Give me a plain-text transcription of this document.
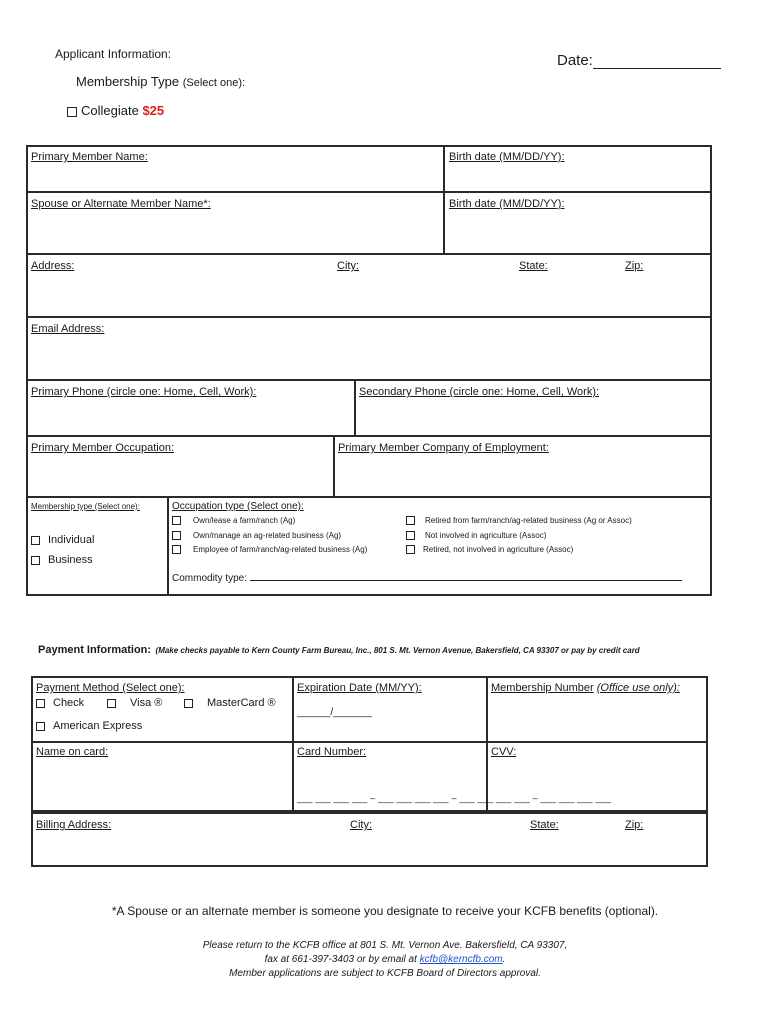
Applicant Information:	Date:
Membership Type (Select one):
Collegiate $25
Primary Member Name:	Birth date (MM/DD/YY):
Spouse or Alternate Member Name*:	Birth date (MM/DD/YY):
Address:	City:	State:	Zip:
Email Address:
Primary Phone (circle one: Home, Cell, Work):	Secondary Phone (circle one: Home, Cell, Work):
Primary Member Occupation:	Primary Member Company of Employment:
Membership type (Select one):
Individual
Business
Occupation type (Select one):
Own/lease a farm/ranch (Ag)
Own/manage an ag-related business (Ag)
Employee of farm/ranch/ag-related business (Ag)
Retired from farm/ranch/ag-related business (Ag or Assoc)
Not involved in agriculture (Assoc)
Retired, not involved in agriculture (Assoc)
Commodity type:
Payment Information: (Make checks payable to Kern County Farm Bureau, Inc., 801 S. Mt. Vernon Avenue, Bakersfield, CA 93307 or pay by credit card
Payment Method (Select one):
Check	Visa ®	MasterCard ®
American Express
Expiration Date (MM/YY):
______/_______
Membership Number (Office use only):
Name on card:	Card Number:	CVV:
___ ___ ___ ___ – ___ ___ ___ ___ – ___ ___ ___ ___ – ___ ___ ___ ___
Billing Address:	City:	State:	Zip:
*A Spouse or an alternate member is someone you designate to receive your KCFB benefits (optional).
Please return to the KCFB office at 801 S. Mt. Vernon Ave. Bakersfield, CA 93307,
fax at 661-397-3403 or by email at kcfb@kerncfb.com.
Member applications are subject to KCFB Board of Directors approval.
